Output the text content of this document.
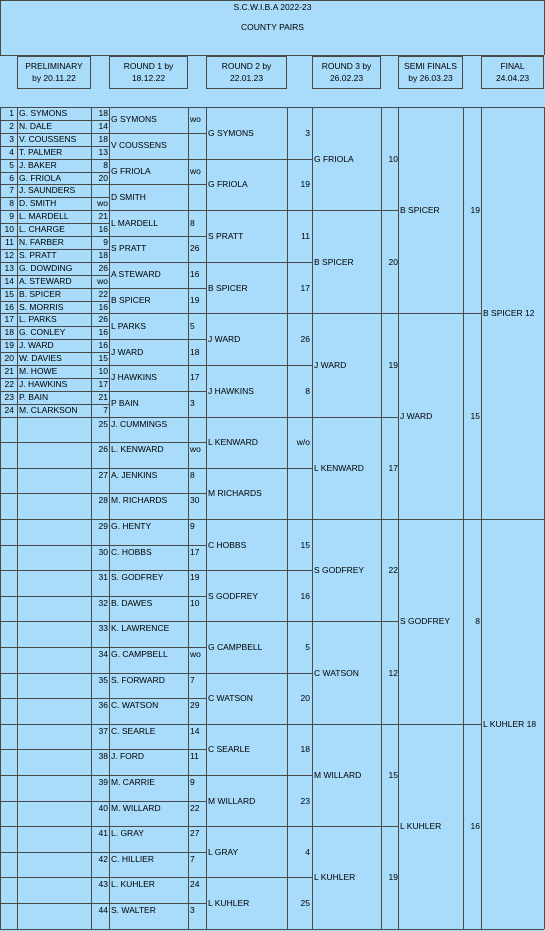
S.C.W.I.B.A 2022-23
COUNTY PAIRS
PRELIMINARY
by 20.11.22
ROUND 1 by
18.12.22
ROUND 2 by
22.01.23
ROUND 3 by
26.02.23
SEMI FINALS
by 26.03.23
FINAL
24.04.23
1 G. SYMONS	18
2 N. DALE	14
3 V. COUSSENS	18
4 T. PALMER	13
5 J. BAKER	8
6 G. FRIOLA	20
7 J. SAUNDERS
8 D. SMITH	wo
9 L. MARDELL	21
10 L. CHARGE	16
11 N. FARBER	9
12 S. PRATT	18
13 G. DOWDING	26
14 A. STEWARD	wo
15 B. SPICER	22
16 S. MORRIS	16
17 L. PARKS	26
18 G. CONLEY	16
19 J. WARD	16
20 W. DAVIES	15
21 M. HOWE	10
22 J. HAWKINS	17
23 P. BAIN	21
24 M. CLARKSON	7
G SYMONS	wo
V COUSSENS
G FRIOLA	wo
D SMITH
L MARDELL	8
S PRATT	26
A STEWARD	16
B SPICER	19
L PARKS	5
J WARD	18
J HAWKINS	17
P BAIN	3
25 J. CUMMINGS
26 L. KENWARD	wo
27 A. JENKINS	8
28 M. RICHARDS	30
29 G. HENTY	9
30 C. HOBBS	17
31 S. GODFREY	19
32 B. DAWES	10
33 K. LAWRENCE
34 G. CAMPBELL	wo
35 S. FORWARD	7
36 C. WATSON	29
37 C. SEARLE	14
38 J. FORD	11
39 M. CARRIE	9
40 M. WILLARD	22
41 L. GRAY	27
42 C. HILLIER	7
43 L. KUHLER	24
44 S. WALTER	3
G SYMONS	3
G FRIOLA	19
S PRATT	11
B SPICER	17
J WARD	26
J HAWKINS	8
L KENWARD	w/o
M RICHARDS
C HOBBS	15
S GODFREY	16
G CAMPBELL	5
C WATSON	20
C SEARLE	18
M WILLARD	23
L GRAY	4
L KUHLER	25
G FRIOLA	10
B SPICER	20
J WARD	19
L KENWARD	17
S GODFREY	22
C WATSON	12
M WILLARD	15
L KUHLER	19
B SPICER	19
J WARD	15
S GODFREY	8
L KUHLER	16
B SPICER 12
L KUHLER 18
